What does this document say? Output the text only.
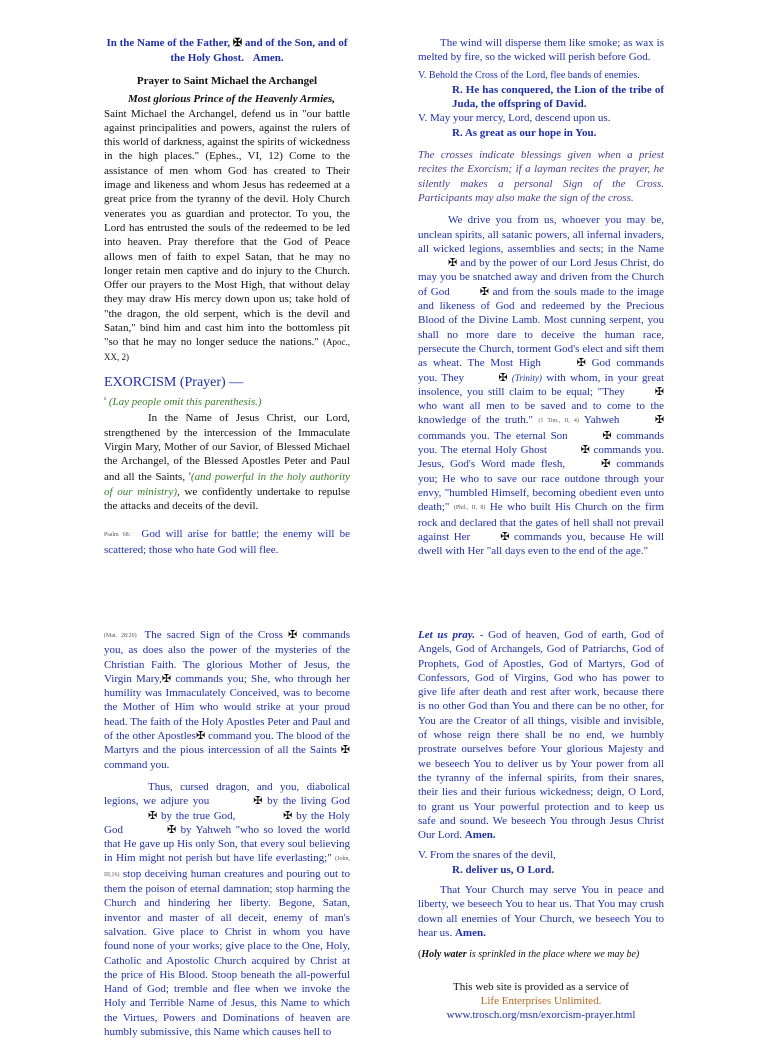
In the Name of the Father, ✠ and of the Son, and of the Holy Ghost. Amen.

Prayer to Saint Michael the Archangel

Most glorious Prince of the Heavenly Armies, Saint Michael the Archangel, defend us in "our battle against principalities and powers, against the rulers of this world of darkness, against the spirits of wickedness in the high places." (Ephes., VI, 12) Come to the assistance of men whom God has created to Their image and likeness and whom Jesus has redeemed at a great price from the tyranny of the devil. Holy Church venerates you as guardian and protector. To you, the Lord has entrusted the souls of the redeemed to be led into heaven. Pray therefore that the God of Peace allows men of faith to expel Satan, that he may no longer retain men captive and do injury to the Church. Offer our prayers to the Most High, that without delay they may draw His mercy down upon us; take hold of "the dragon, the old serpent, which is the devil and Satan," bind him and cast him into the bottomless pit "so that he may no longer seduce the nations." (Apoc., XX, 2)

EXORCISM (Prayer) —

$^{^1}$ (Lay people omit this parenthesis.)

In the Name of Jesus Christ, our Lord, strengthened by the intercession of the Immaculate Virgin Mary, Mother of our Savior, of Blessed Michael the Archangel, of the Blessed Apostles Peter and Paul and all the Saints, $^{^1}$(and powerful in the holy authority of our ministry), we confidently undertake to repulse the attacks and deceits of the devil.

Psalm 68: God will arise for battle; the enemy will be scattered; those who hate God will flee.

The wind will disperse them like smoke; as wax is melted by fire, so the wicked will perish before God.

V. Behold the Cross of the Lord, flee bands of enemies.

R. He has conquered, the Lion of the tribe of Juda, the offspring of David.

V. May your mercy, Lord, descend upon us.

R. As great as our hope in You.

The crosses indicate blessings given when a priest recites the Exorcism; if a layman recites the prayer, he silently makes a personal Sign of the Cross. Participants may also make the sign of the cross.

We drive you from us, whoever you may be, unclean spirits, all satanic powers, all infernal invaders, all wicked legions, assemblies and sects; in the Name ✠ and by the power of our Lord Jesus Christ, do may you be snatched away and driven from the Church of God	✠ and from the souls made to the image and likeness of God and redeemed by the Precious Blood of the Divine Lamb. Most cunning serpent, you shall no more dare to deceive the human race, persecute the Church, torment God's elect and sift them as wheat. The Most High	✠ God commands you. They	✠ (Trinity) with whom, in your great insolence, you still claim to be equal; "They	✠ who want all men to be saved and to come to the knowledge of the truth." (1 Tim., II, 4) Yahweh	✠ commands you. The eternal Son	✠ commands you. The eternal Holy Ghost	✠ commands you. Jesus, God's Word made flesh,	✠ commands you; He who to save our race outdone through your envy, "humbled Himself, becoming obedient even unto death;" (Phil., II, 8) He who built His Church on the firm rock and declared that the gates of hell shall not prevail against Her	✠ commands you, because He will dwell with Her "all days even to the end of the age."

(Mat. 28:20) The sacred Sign of the Cross ✠ commands you, as does also the power of the mysteries of the Christian Faith. The glorious Mother of Jesus, the Virgin Mary,✠ commands you; She, who through her humility was Immaculately Conceived, was to become the Mother of Him who would strike at your proud head. The faith of the Holy Apostles Peter and Paul and of the other Apostles✠ command you. The blood of the Martyrs and the pious intercession of all the Saints ✠ command you.

Thus, cursed dragon, and you, diabolical legions, we adjure you	✠ by the living God✠ by the true God,	✠ by the Holy God	✠ by Yahweh "who so loved the world that He gave up His only Son, that every soul believing in Him might not perish but have life everlasting;" (John, III,16) stop deceiving human creatures and pouring out to them the poison of eternal damnation; stop harming the Church and hindering her liberty. Begone, Satan, inventor and master of all deceit, enemy of man's salvation. Give place to Christ in whom you have found none of your works; give place to the One, Holy, Catholic and Apostolic Church acquired by Christ at the price of His Blood. Stoop beneath the all-powerful Hand of God; tremble and flee when we invoke the Holy and Terrible Name of Jesus, this Name to which the Virtues, Powers and Dominations of heaven are humbly submissive, this Name which causes hell to

Let us pray. - God of heaven, God of earth, God of Angels, God of Archangels, God of Patriarchs, God of Prophets, God of Apostles, God of Martyrs, God of Confessors, God of Virgins, God who has power to give life after death and rest after work, because there is no other God than You and there can be no other, for You are the Creator of all things, visible and invisible, of whose reign there shall be no end, we humbly prostrate ourselves before Your glorious Majesty and we beseech You to deliver us by Your power from all the tyranny of the infernal spirits, from their snares, their lies and their furious wickedness; deign, O Lord, to grant us Your powerful protection and to keep us safe and sound. We beseech You through Jesus Christ Our Lord. Amen.

V. From the snares of the devil,

R. deliver us, O Lord.

That Your Church may serve You in peace and liberty, we beseech You to hear us. That You may crush down all enemies of Your Church, we beseech You to hear us. Amen.

(Holy water is sprinkled in the place where we may be)

This web site is provided as a service of

Life Enterprises Unlimited.

www.trosch.org/msn/exorcism-prayer.html
